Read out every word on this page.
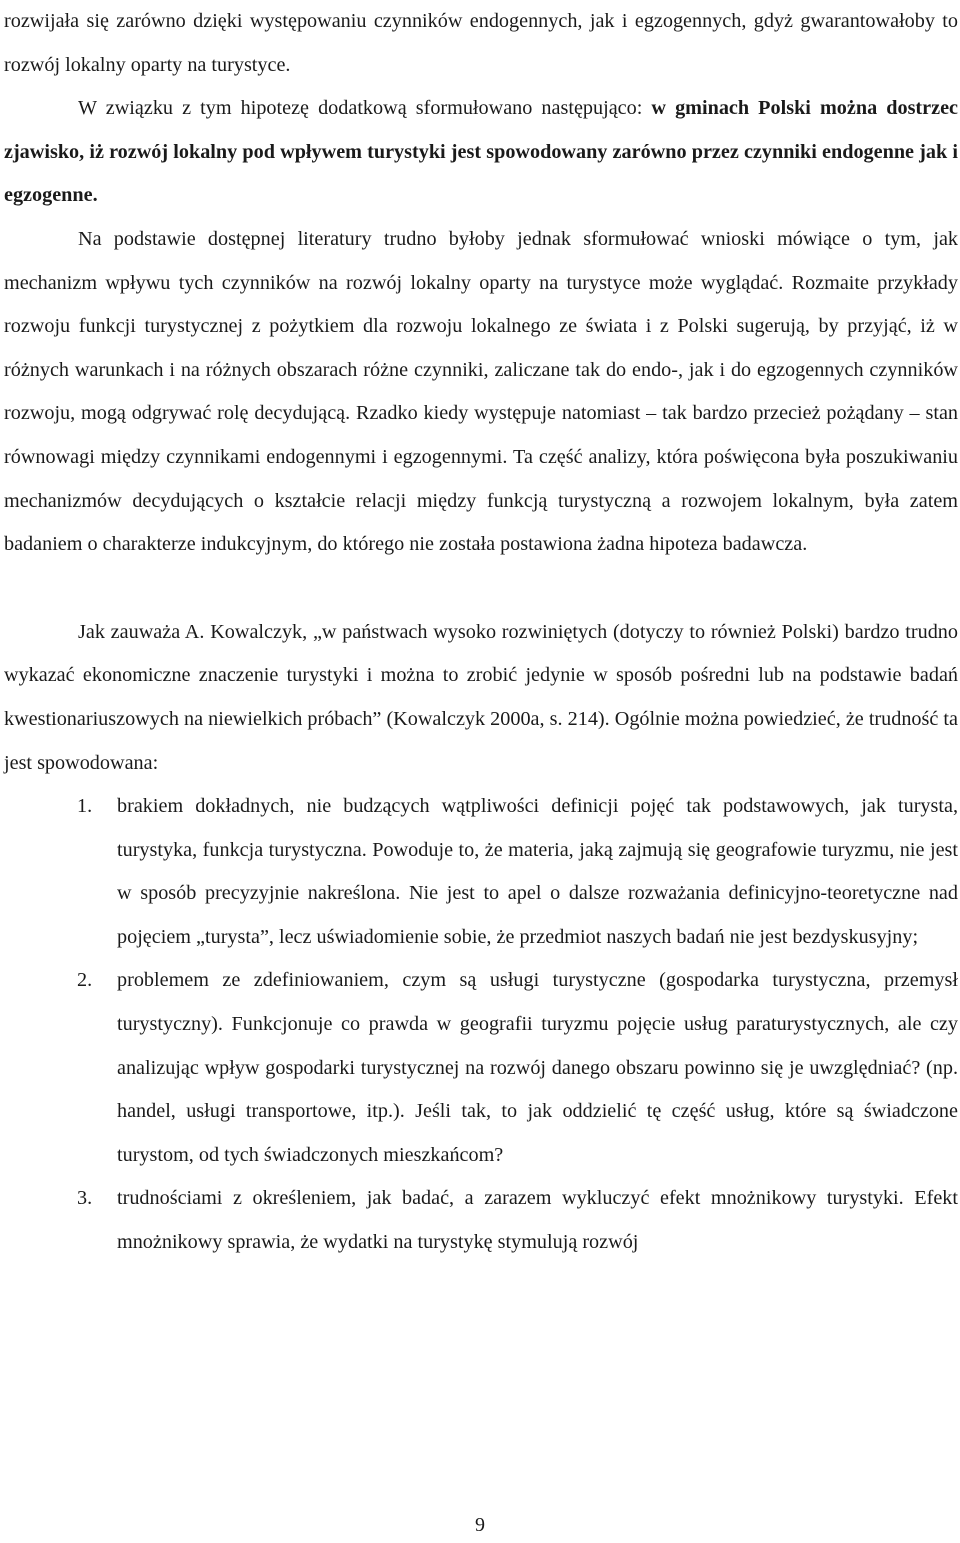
rozwijała się zarówno dzięki występowaniu czynników endogennych, jak i egzogennych, gdyż gwarantowałoby to rozwój lokalny oparty na turystyce.

W związku z tym hipotezę dodatkową sformułowano następująco: w gminach Polski można dostrzec zjawisko, iż rozwój lokalny pod wpływem turystyki jest spowodowany zarówno przez czynniki endogenne jak i egzogenne.

Na podstawie dostępnej literatury trudno byłoby jednak sformułować wnioski mówiące o tym, jak mechanizm wpływu tych czynników na rozwój lokalny oparty na turystyce może wyglądać. Rozmaite przykłady rozwoju funkcji turystycznej z pożytkiem dla rozwoju lokalnego ze świata i z Polski sugerują, by przyjąć, iż w różnych warunkach i na różnych obszarach różne czynniki, zaliczane tak do endo-, jak i do egzogennych czynników rozwoju, mogą odgrywać rolę decydującą. Rzadko kiedy występuje natomiast – tak bardzo przecież pożądany – stan równowagi między czynnikami endogennymi i egzogennymi. Ta część analizy, która poświęcona była poszukiwaniu mechanizmów decydujących o kształcie relacji między funkcją turystyczną a rozwojem lokalnym, była zatem badaniem o charakterze indukcyjnym, do którego nie została postawiona żadna hipoteza badawcza.

Jak zauważa A. Kowalczyk, „w państwach wysoko rozwiniętych (dotyczy to również Polski) bardzo trudno wykazać ekonomiczne znaczenie turystyki i można to zrobić jedynie w sposób pośredni lub na podstawie badań kwestionariuszowych na niewielkich próbach” (Kowalczyk 2000a, s. 214). Ogólnie można powiedzieć, że trudność ta jest spowodowana:

1. brakiem dokładnych, nie budzących wątpliwości definicji pojęć tak podstawowych, jak turysta, turystyka, funkcja turystyczna. Powoduje to, że materia, jaką zajmują się geografowie turyzmu, nie jest w sposób precyzyjnie nakreślona. Nie jest to apel o dalsze rozważania definicyjno-teoretyczne nad pojęciem „turysta”, lecz uświadomienie sobie, że przedmiot naszych badań nie jest bezdyskusyjny;
2. problemem ze zdefiniowaniem, czym są usługi turystyczne (gospodarka turystyczna, przemysł turystyczny). Funkcjonuje co prawda w geografii turyzmu pojęcie usług paraturystycznych, ale czy analizując wpływ gospodarki turystycznej na rozwój danego obszaru powinno się je uwzględniać? (np. handel, usługi transportowe, itp.). Jeśli tak, to jak oddzielić tę część usług, które są świadczone turystom, od tych świadczonych mieszkańcom?
3. trudnościami z określeniem, jak badać, a zarazem wykluczyć efekt mnożnikowy turystyki. Efekt mnożnikowy sprawia, że wydatki na turystykę stymulują rozwój
9
